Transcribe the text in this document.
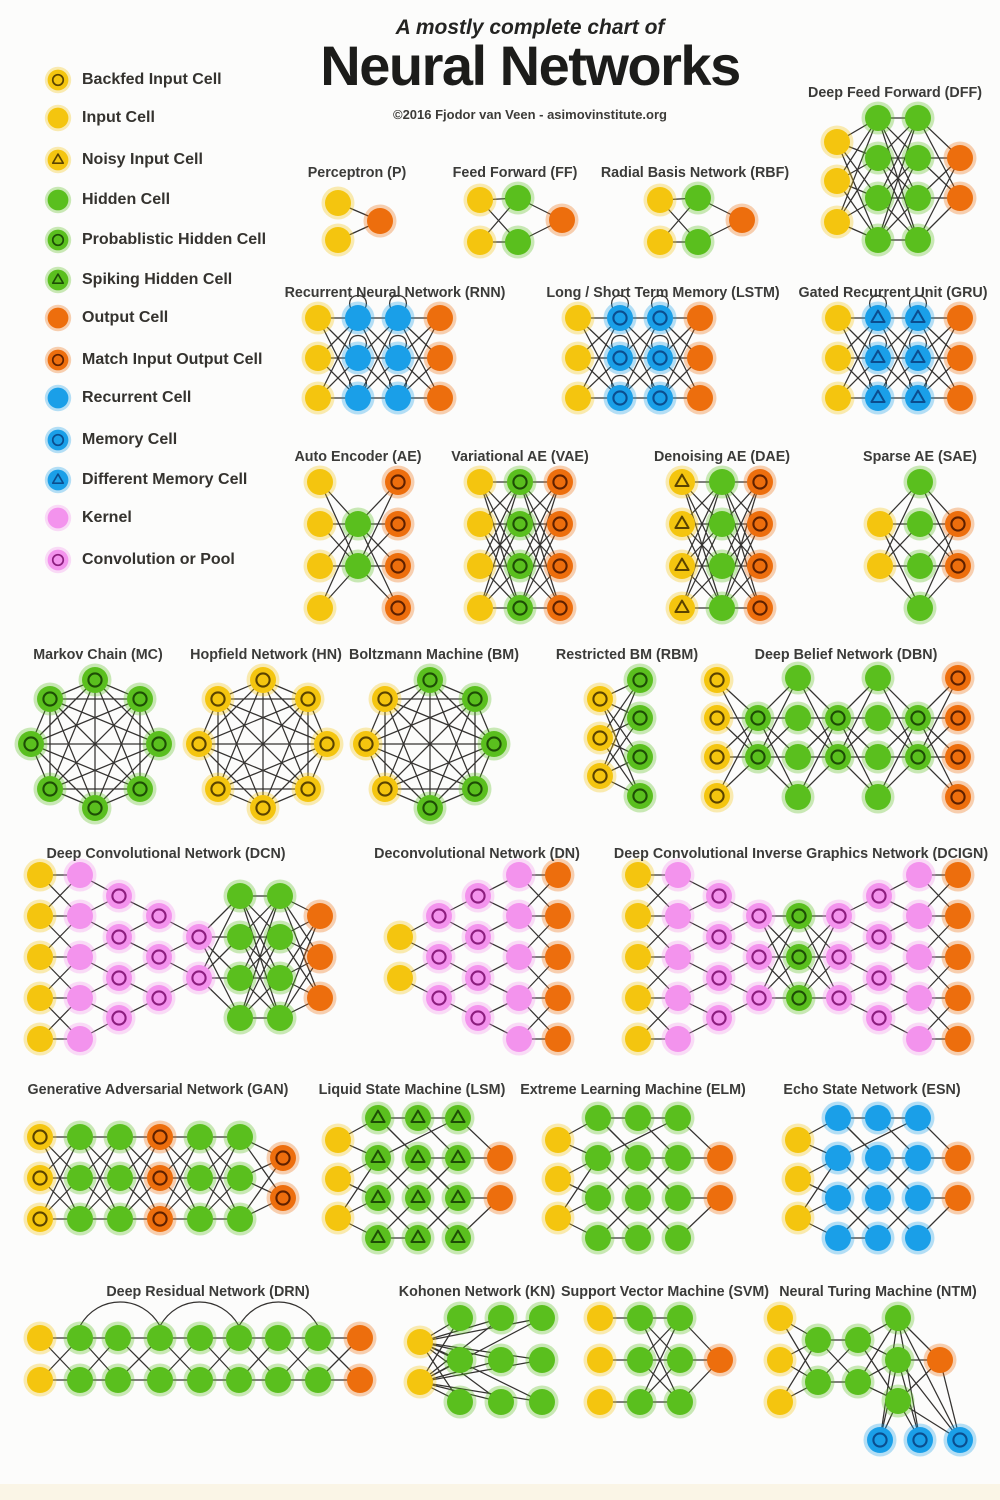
Perceptron (P)	Feed Forward (FF) Radial Basis Network (RBF)
Deep Feed Forward (DFF)
Recurrent Neural Network (RNN)	Long / Short Term Memory (LSTM) Gated Recurrent Unit (GRU)
Auto Encoder (AE) Variational AE (VAE)	Denoising AE (DAE)	Sparse AE (SAE)
Markov Chain (MC) Hopfield Network (HN) Boltzmann Machine (BM)	Restricted BM (RBM)	Deep Belief Network (DBN)
Deep Convolutional Network (DCN)	Deconvolutional Network (DN) Deep Convolutional Inverse Graphics Network (DCIGN)
Generative Adversarial Network (GAN) Liquid State Machine (LSM) Extreme Learning Machine (ELM)	Echo State Network (ESN)
Deep Residual Network (DRN)	Kohonen Network (KN) Support Vector Machine (SVM) Neural Turing Machine (NTM)
A mostly complete chart of
Neural Networks
©2016 Fjodor van Veen - asimovinstitute.org
Backfed Input Cell
Input Cell
Noisy Input Cell
Hidden Cell
Probablistic Hidden Cell
Spiking Hidden Cell
Output Cell
Match Input Output Cell
Recurrent Cell
Memory Cell
Different Memory Cell
Kernel
Convolution or Pool
